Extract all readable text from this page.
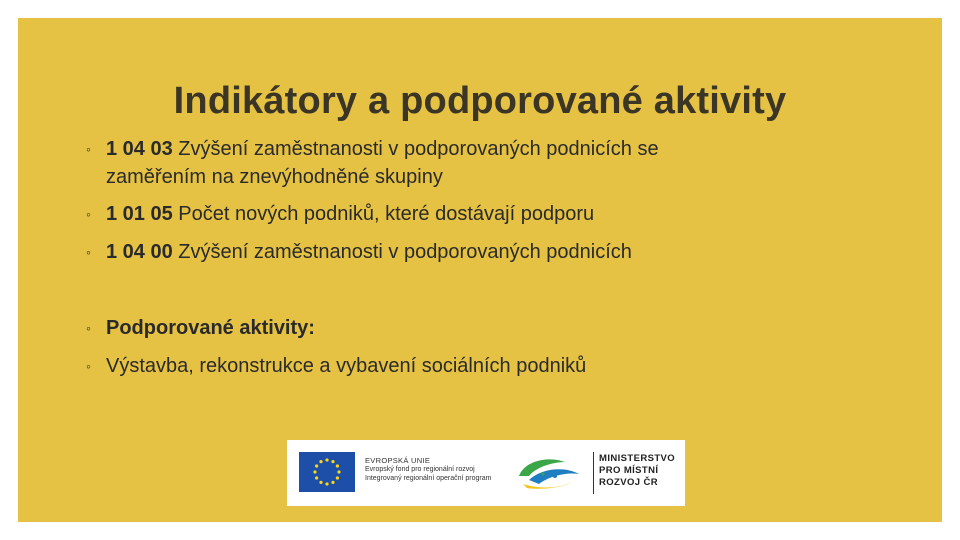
Indikátory a podporované aktivity
◦ 1 04 03 Zvýšení zaměstnanosti v podporovaných podnicích se
zaměřením na znevýhodněné skupiny
◦ 1 01 05 Počet nových podniků, které dostávají podporu
◦ 1 04 00 Zvýšení zaměstnanosti v podporovaných podnicích
◦ Podporované aktivity:
◦ Výstavba, rekonstrukce a vybavení sociálních podniků
EVROPSKÁ UNIE
Evropský fond pro regionální rozvoj
Integrovaný regionální operační program
MINISTERSTVO
PRO MÍSTNÍ
ROZVOJ ČR
